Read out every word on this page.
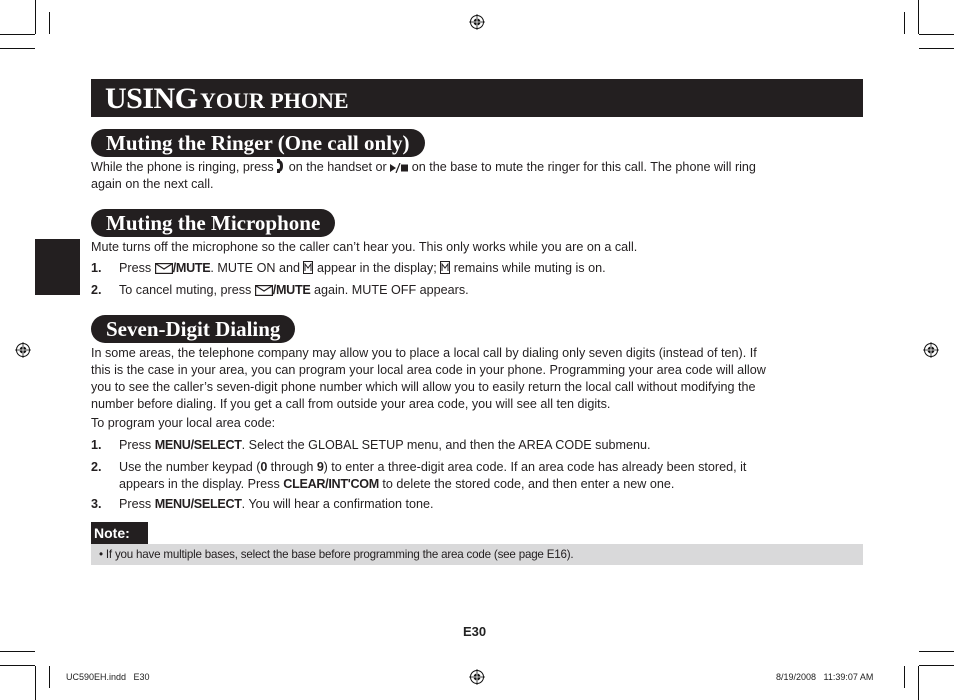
USING YOUR PHONE
Muting the Ringer (One call only)
While the phone is ringing, press on the handset or on the base to mute the ringer for this call. The phone will ring
again on the next call.
Muting the Microphone
Mute turns off the microphone so the caller can’t hear you. This only works while you are on a call.
1. Press /MUTE. MUTE ON and appear in the display; remains while muting is on.
2. To cancel muting, press /MUTE again. MUTE OFF appears.
Seven-Digit Dialing
In some areas, the telephone company may allow you to place a local call by dialing only seven digits (instead of ten). If
this is the case in your area, you can program your local area code in your phone. Programming your area code will allow
you to see the caller’s seven-digit phone number which will allow you to easily return the local call without modifying the
number before dialing. If you get a call from outside your area code, you will see all ten digits.
To program your local area code:
1. Press MENU/SELECT. Select the GLOBAL SETUP menu, and then the AREA CODE submenu.
2. Use the number keypad (0 through 9) to enter a three-digit area code. If an area code has already been stored, it
appears in the display. Press CLEAR/INT'COM to delete the stored code, and then enter a new one.
3. Press MENU/SELECT. You will hear a confirmation tone.
Note:
• If you have multiple bases, select the base before programming the area code (see page E16).
E30
UC590EH.indd   E30	8/19/2008   11:39:07 AM
